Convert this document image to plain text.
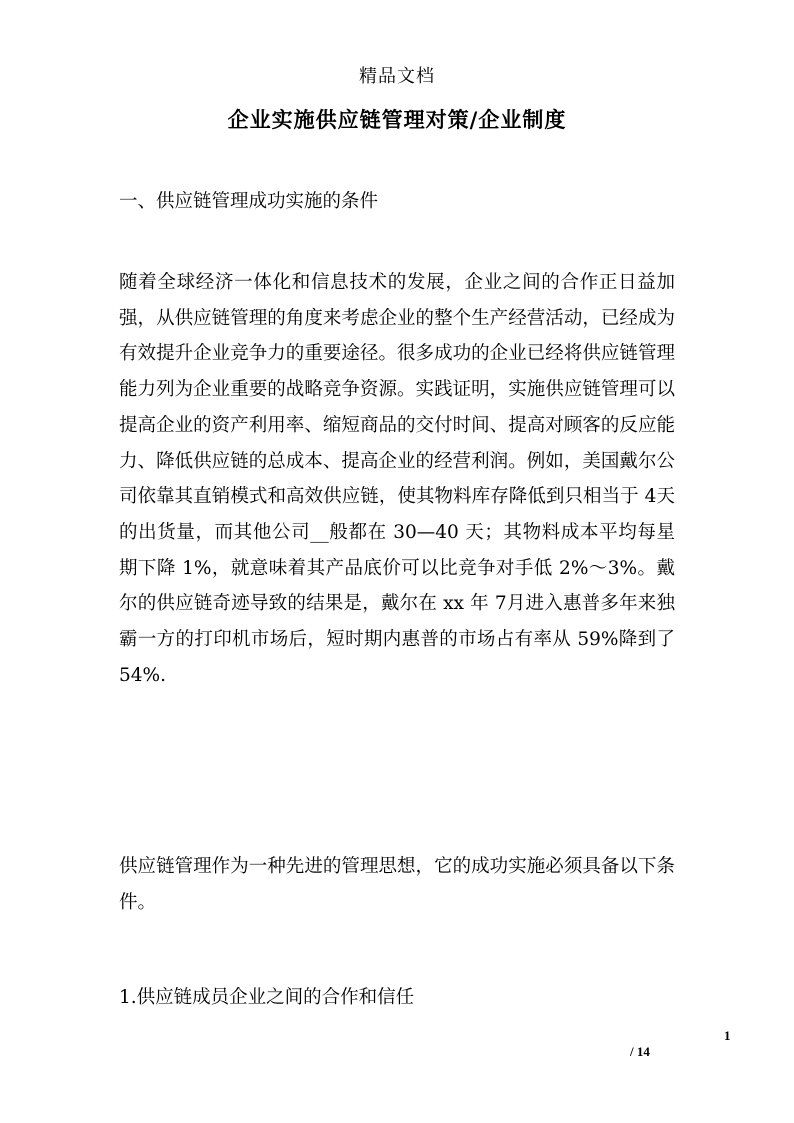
精品文档
企业实施供应链管理对策/企业制度
一、供应链管理成功实施的条件
随着全球经济一体化和信息技术的发展，企业之间的合作正日益加强，从供应链管理的角度来考虑企业的整个生产经营活动，已经成为有效提升企业竞争力的重要途径。很多成功的企业已经将供应链管理能力列为企业重要的战略竞争资源。实践证明，实施供应链管理可以提高企业的资产利用率、缩短商品的交付时间、提高对顾客的反应能力、降低供应链的总成本、提高企业的经营利润。例如，美国戴尔公司依靠其直销模式和高效供应链，使其物料库存降低到只相当于 4天的出货量，而其他公司__般都在 30—40 天；其物料成本平均每星期下降 1%，就意味着其产品底价可以比竞争对手低 2%～3%。戴尔的供应链奇迹导致的结果是，戴尔在 xx 年 7月进入惠普多年来独霸一方的打印机市场后，短时期内惠普的市场占有率从 59%降到了 54%.
供应链管理作为一种先进的管理思想，它的成功实施必须具备以下条件。
1.供应链成员企业之间的合作和信任
1
/ 14
